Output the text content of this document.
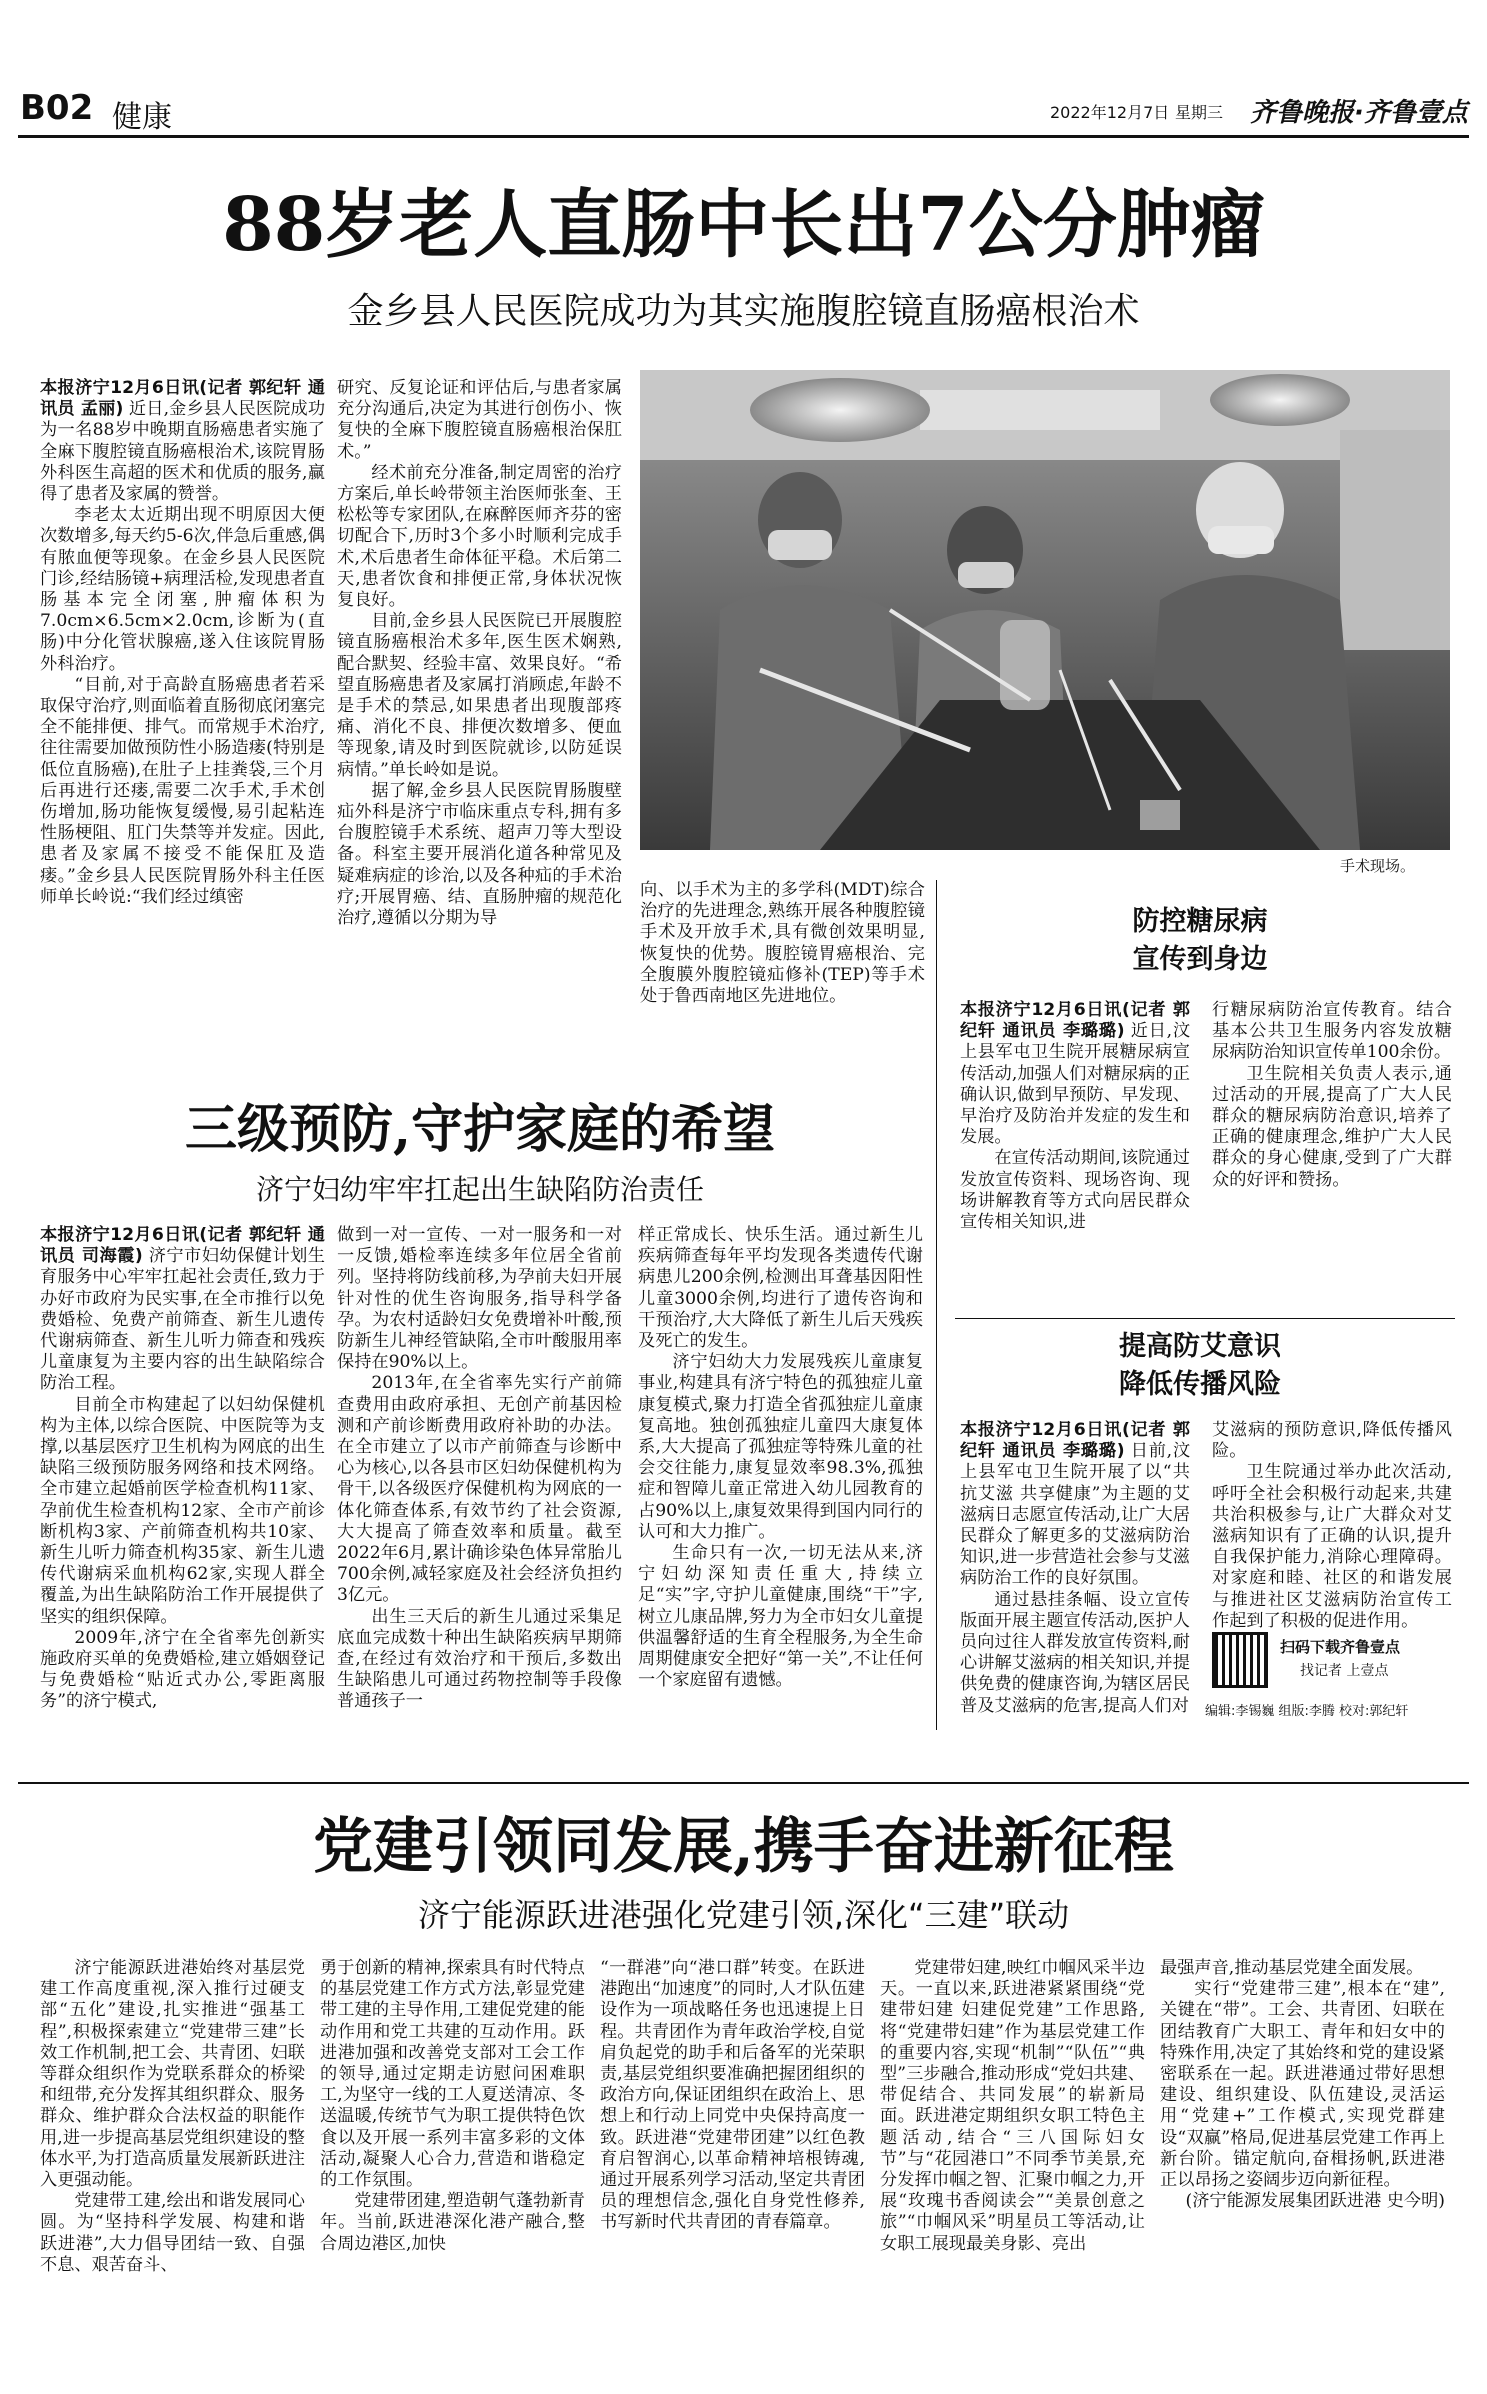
B02 健康	2022年12月7日 星期三 齐鲁晚报·齐鲁壹点
88岁老人直肠中长出7公分肿瘤
金乡县人民医院成功为其实施腹腔镜直肠癌根治术

本报济宁12月6日讯(记者 郭纪轩 通讯员 孟丽) 近日,金乡县人民医院成功为一名88岁中晚期直肠癌患者实施了全麻下腹腔镜直肠癌根治术,该院胃肠外科医生高超的医术和优质的服务,赢得了患者及家属的赞誉。

李老太太近期出现不明原因大便次数增多,每天约5-6次,伴急后重感,偶有脓血便等现象。在金乡县人民医院门诊,经结肠镜+病理活检,发现患者直肠基本完全闭塞,肿瘤体积为7.0cm×6.5cm×2.0cm,诊断为(直肠)中分化管状腺癌,遂入住该院胃肠外科治疗。

“目前,对于高龄直肠癌患者若采取保守治疗,则面临着直肠彻底闭塞完全不能排便、排气。而常规手术治疗,往往需要加做预防性小肠造瘘(特别是低位直肠癌),在肚子上挂粪袋,三个月后再进行还瘘,需要二次手术,手术创伤增加,肠功能恢复缓慢,易引起粘连性肠梗阻、肛门失禁等并发症。因此,患者及家属不接受不能保肛及造瘘。”金乡县人民医院胃肠外科主任医师单长岭说:“我们经过缜密

研究、反复论证和评估后,与患者家属充分沟通后,决定为其进行创伤小、恢复快的全麻下腹腔镜直肠癌根治保肛术。”

经术前充分准备,制定周密的治疗方案后,单长岭带领主治医师张奎、王松松等专家团队,在麻醉医师齐芬的密切配合下,历时3个多小时顺利完成手术,术后患者生命体征平稳。术后第二天,患者饮食和排便正常,身体状况恢复良好。

目前,金乡县人民医院已开展腹腔镜直肠癌根治术多年,医生医术娴熟,配合默契、经验丰富、效果良好。“希望直肠癌患者及家属打消顾虑,年龄不是手术的禁忌,如果患者出现腹部疼痛、消化不良、排便次数增多、便血等现象,请及时到医院就诊,以防延误病情。”单长岭如是说。

据了解,金乡县人民医院胃肠腹壁疝外科是济宁市临床重点专科,拥有多台腹腔镜手术系统、超声刀等大型设备。科室主要开展消化道各种常见及疑难病症的诊治,以及各种疝的手术治疗;开展胃癌、结、直肠肿瘤的规范化治疗,遵循以分期为导

手术现场。

向、以手术为主的多学科(MDT)综合治疗的先进理念,熟练开展各种腹腔镜手术及开放手术,具有微创效果明显,恢复快的优势。腹腔镜胃癌根治、完全腹膜外腹腔镜疝修补(TEP)等手术处于鲁西南地区先进地位。

防控糖尿病
宣传到身边

本报济宁12月6日讯(记者 郭纪轩 通讯员 李璐璐) 近日,汶上县军屯卫生院开展糖尿病宣传活动,加强人们对糖尿病的正确认识,做到早预防、早发现、早治疗及防治并发症的发生和发展。

在宣传活动期间,该院通过发放宣传资料、现场咨询、现场讲解教育等方式向居民群众宣传相关知识,进

行糖尿病防治宣传教育。结合基本公共卫生服务内容发放糖尿病防治知识宣传单100余份。

卫生院相关负责人表示,通过活动的开展,提高了广大人民群众的糖尿病防治意识,培养了正确的健康理念,维护广大人民群众的身心健康,受到了广大群众的好评和赞扬。

三级预防,守护家庭的希望
济宁妇幼牢牢扛起出生缺陷防治责任

本报济宁12月6日讯(记者 郭纪轩 通讯员 司海霞) 济宁市妇幼保健计划生育服务中心牢牢扛起社会责任,致力于办好市政府为民实事,在全市推行以免费婚检、免费产前筛查、新生儿遗传代谢病筛查、新生儿听力筛查和残疾儿童康复为主要内容的出生缺陷综合防治工程。

目前全市构建起了以妇幼保健机构为主体,以综合医院、中医院等为支撑,以基层医疗卫生机构为网底的出生缺陷三级预防服务网络和技术网络。全市建立起婚前医学检查机构11家、孕前优生检查机构12家、全市产前诊断机构3家、产前筛查机构共10家、新生儿听力筛查机构35家、新生儿遗传代谢病采血机构62家,实现人群全覆盖,为出生缺陷防治工作开展提供了坚实的组织保障。

2009年,济宁在全省率先创新实施政府买单的免费婚检,建立婚姻登记与免费婚检“贴近式办公,零距离服务”的济宁模式,

做到一对一宣传、一对一服务和一对一反馈,婚检率连续多年位居全省前列。坚持将防线前移,为孕前夫妇开展针对性的优生咨询服务,指导科学备孕。为农村适龄妇女免费增补叶酸,预防新生儿神经管缺陷,全市叶酸服用率保持在90%以上。

2013年,在全省率先实行产前筛查费用由政府承担、无创产前基因检测和产前诊断费用政府补助的办法。在全市建立了以市产前筛查与诊断中心为核心,以各县市区妇幼保健机构为骨干,以各级医疗保健机构为网底的一体化筛查体系,有效节约了社会资源,大大提高了筛查效率和质量。截至2022年6月,累计确诊染色体异常胎儿700余例,减轻家庭及社会经济负担约3亿元。

出生三天后的新生儿通过采集足底血完成数十种出生缺陷疾病早期筛查,在经过有效治疗和干预后,多数出生缺陷患儿可通过药物控制等手段像普通孩子一

样正常成长、快乐生活。通过新生儿疾病筛查每年平均发现各类遗传代谢病患儿200余例,检测出耳聋基因阳性儿童3000余例,均进行了遗传咨询和干预治疗,大大降低了新生儿后天残疾及死亡的发生。

济宁妇幼大力发展残疾儿童康复事业,构建具有济宁特色的孤独症儿童康复模式,聚力打造全省孤独症儿童康复高地。独创孤独症儿童四大康复体系,大大提高了孤独症等特殊儿童的社会交往能力,康复显效率98.3%,孤独症和智障儿童正常进入幼儿园教育的占90%以上,康复效果得到国内同行的认可和大力推广。

生命只有一次,一切无法从来,济宁妇幼深知责任重大,持续立足“实”字,守护儿童健康,围绕“干”字,树立儿康品牌,努力为全市妇女儿童提供温馨舒适的生育全程服务,为全生命周期健康安全把好“第一关”,不让任何一个家庭留有遗憾。

提高防艾意识
降低传播风险

本报济宁12月6日讯(记者 郭纪轩 通讯员 李璐璐) 日前,汶上县军屯卫生院开展了以“共抗艾滋 共享健康”为主题的艾滋病日志愿宣传活动,让广大居民群众了解更多的艾滋病防治知识,进一步营造社会参与艾滋病防治工作的良好氛围。

通过悬挂条幅、设立宣传版面开展主题宣传活动,医护人员向过往人群发放宣传资料,耐心讲解艾滋病的相关知识,并提供免费的健康咨询,为辖区居民普及艾滋病的危害,提高人们对

艾滋病的预防意识,降低传播风险。

卫生院通过举办此次活动,呼吁全社会积极行动起来,共建共治积极参与,让广大群众对艾滋病知识有了正确的认识,提升自我保护能力,消除心理障碍。对家庭和睦、社区的和谐发展与推进社区艾滋病防治宣传工作起到了积极的促进作用。

扫码下载齐鲁壹点
找记者 上壹点
编辑:李锡巍 组版:李腾 校对:郭纪轩
党建引领同发展,携手奋进新征程
济宁能源跃进港强化党建引领,深化“三建”联动

济宁能源跃进港始终对基层党建工作高度重视,深入推行过硬支部“五化”建设,扎实推进“强基工程”,积极探索建立“党建带三建”长效工作机制,把工会、共青团、妇联等群众组织作为党联系群众的桥梁和纽带,充分发挥其组织群众、服务群众、维护群众合法权益的职能作用,进一步提高基层党组织建设的整体水平,为打造高质量发展新跃进注入更强动能。

党建带工建,绘出和谐发展同心圆。为“坚持科学发展、构建和谐跃进港”,大力倡导团结一致、自强不息、艰苦奋斗、

勇于创新的精神,探索具有时代特点的基层党建工作方式方法,彰显党建带工建的主导作用,工建促党建的能动作用和党工共建的互动作用。跃进港加强和改善党支部对工会工作的领导,通过定期走访慰问困难职工,为坚守一线的工人夏送清凉、冬送温暖,传统节气为职工提供特色饮食以及开展一系列丰富多彩的文体活动,凝聚人心合力,营造和谐稳定的工作氛围。

党建带团建,塑造朝气蓬勃新青年。当前,跃进港深化港产融合,整合周边港区,加快

“一群港”向“港口群”转变。在跃进港跑出“加速度”的同时,人才队伍建设作为一项战略任务也迅速提上日程。共青团作为青年政治学校,自觉肩负起党的助手和后备军的光荣职责,基层党组织要准确把握团组织的政治方向,保证团组织在政治上、思想上和行动上同党中央保持高度一致。跃进港“党建带团建”以红色教育启智润心,以革命精神培根铸魂,通过开展系列学习活动,坚定共青团员的理想信念,强化自身党性修养,书写新时代共青团的青春篇章。

党建带妇建,映红巾帼风采半边天。一直以来,跃进港紧紧围绕“党建带妇建 妇建促党建”工作思路,将“党建带妇建”作为基层党建工作的重要内容,实现“机制”“队伍”“典型”三步融合,推动形成“党妇共建、带促结合、共同发展”的崭新局面。跃进港定期组织女职工特色主题活动,结合“三八国际妇女节”与“花园港口”不同季节美景,充分发挥巾帼之智、汇聚巾帼之力,开展“玫瑰书香阅读会”“美景创意之旅”“巾帼风采”明星员工等活动,让女职工展现最美身影、亮出

最强声音,推动基层党建全面发展。

实行“党建带三建”,根本在“建”,关键在“带”。工会、共青团、妇联在团结教育广大职工、青年和妇女中的特殊作用,决定了其始终和党的建设紧密联系在一起。跃进港通过带好思想建设、组织建设、队伍建设,灵活运用“党建+”工作模式,实现党群建设“双赢”格局,促进基层党建工作再上新台阶。锚定航向,奋楫扬帆,跃进港正以昂扬之姿阔步迈向新征程。

(济宁能源发展集团跃进港 史今明)
